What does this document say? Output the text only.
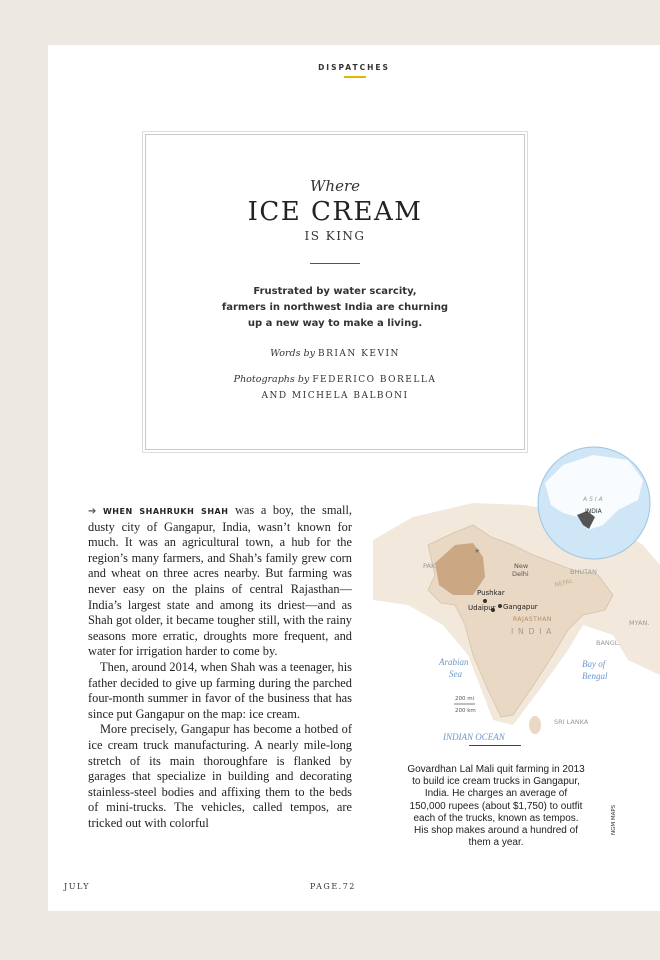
DISPATCHES
Where
ICE CREAM
IS KING
Frustrated by water scarcity,
farmers in northwest India are churning
up a new way to make a living.
Words by BRIAN KEVIN
Photographs by FEDERICO BORELLA
AND MICHELA BALBONI

➔ WHEN SHAHRUKH SHAH was a boy, the small, dusty city of Gangapur, India, wasn’t known for much. It was an agricultural town, a hub for the region’s many farmers, and Shah’s family grew corn and wheat on three acres nearby. But farming was never easy on the plains of central Rajasthan—India’s largest state and among its driest—and as Shah got older, it became tougher still, with the rainy seasons more erratic, droughts more frequent, and water for irrigation harder to come by.

Then, around 2014, when Shah was a teenager, his father decided to give up farming during the parched four-month summer in favor of the business that has since put Gangapur on the map: ice cream.

More precisely, Gangapur has become a hotbed of ice cream truck manufacturing. A nearly mile-long stretch of its main thoroughfare is flanked by garages that specialize in building and decorating stainless-steel bodies and affixing them to the beds of mini-trucks. The vehicles, called tempos, are tricked out with colorful

★
ASIA
INDIA
PAK.	New
Delhi	BHUTAN
NEPAL
Pushkar
Udaipur Gangapur
RAJASTHAN
I N D I A
MYAN.
BANGL.
Arabian
Sea
Bay of
Bengal
200 mi
200 km
SRI LANKA
INDIAN OCEAN
Govardhan Lal Mali quit farming in 2013 to build ice cream trucks in Gangapur, India. He charges an average of 150,000 rupees (about $1,750) to outfit each of the trucks, known as tempos. His shop makes around a hundred of them a year.
NGM MAPS
JULY	PAGE.72
